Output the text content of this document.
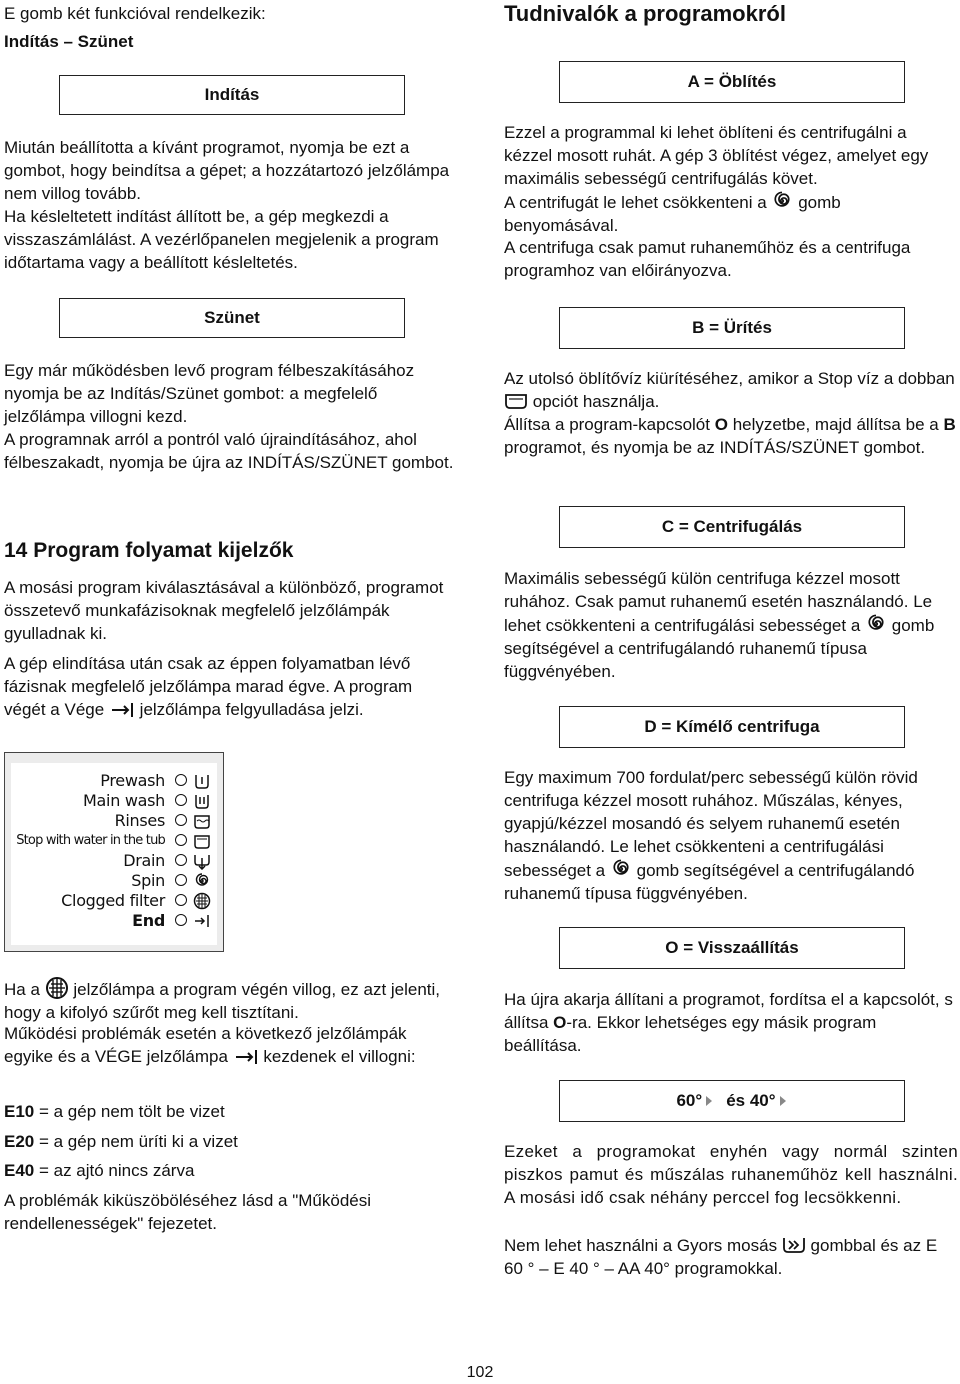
E gomb két funkcióval rendelkezik:

Indítás – Szünet

Indítás

Miután beállította a kívánt programot, nyomja be ezt a gombot, hogy beindítsa a gépet; a hozzátartozó jelzőlámpa nem villog tovább.

Ha késleltetett indítást állított be, a gép megkezdi a visszaszámlálást. A vezérlőpanelen megjelenik a program időtartama vagy a beállított késleltetés.

Szünet

Egy már működésben levő program félbeszakításához nyomja be az Indítás/Szünet gombot: a megfelelő jelzőlámpa villogni kezd.

A programnak arról a pontról való újraindításához, ahol félbeszakadt, nyomja be újra az INDÍTÁS/SZÜNET gombot.

14 Program folyamat kijelzők

A mosási program kiválasztásával a különböző, programot összetevő munkafázisoknak megfelelő jelzőlámpák gyulladnak ki.

A gép elindítása után csak az éppen folyamatban lévő fázisnak megfelelő jelzőlámpa marad égve. A program végét a Vége jelzőlámpa felgyulladása jelzi.

Ha a jelzőlámpa a program végén villog, ez azt jelenti, hogy a kifolyó szűrőt meg kell tisztítani.

Működési problémák esetén a következő jelzőlámpák egyike és a VÉGE jelzőlámpa kezdenek el villogni:

E10 = a gép nem tölt be vizet

E20 = a gép nem üríti ki a vizet

E40 = az ajtó nincs zárva

A problémák kiküszöböléséhez lásd a "Működési rendellenességek" fejezetet.

Prewash
Main wash
Rinses
Stop with water in the tub
Drain
Spin
Clogged filter
End
Tudnivalók a programokról
A = Öblítés

Ezzel a programmal ki lehet öblíteni és centrifugálni a kézzel mosott ruhát. A gép 3 öblítést végez, amelyet egy maximális sebességű centrifugálás követ.

A centrifugát le lehet csökkenteni a gomb benyomásával.

A centrifuga csak pamut ruhaneműhöz és a centrifuga programhoz van előirányozva.

B = Ürítés

Az utolsó öblítővíz kiürítéséhez, amikor a Stop víz a dobban  opciót használja.

Állítsa a program-kapcsolót O helyzetbe, majd állítsa be a B programot, és nyomja be az INDÍTÁS/SZÜNET gombot.

C = Centrifugálás

Maximális sebességű külön centrifuga kézzel mosott ruhához. Csak pamut ruhanemű esetén használandó. Le lehet csökkenteni a centrifugálási sebességet a gomb segítségével a centrifugálandó ruhanemű típusa függvényében.

D = Kímélő centrifuga

Egy maximum 700 fordulat/perc sebességű külön rövid centrifuga kézzel mosott ruhához. Műszálas, kényes, gyapjú/kézzel mosandó és selyem ruhanemű esetén használandó. Le lehet csökkenteni a centrifugálási sebességet a gomb segítségével a centrifugálandó ruhanemű típusa függvényében.

O = Visszaállítás

Ha újra akarja állítani a programot, fordítsa el a kapcsolót, s állítsa O-ra. Ekkor lehetséges egy másik program beállítása.

60° és 40°

Ezeket a programokat enyhén vagy normál szinten piszkos pamut és műszálas ruhaneműhöz kell használni. A mosási idő csak néhány perccel fog lecsökkenni.

Nem lehet használni a Gyors mosás gombbal és az E 60 ° – E 40 ° – AA 40° programokkal.

102
